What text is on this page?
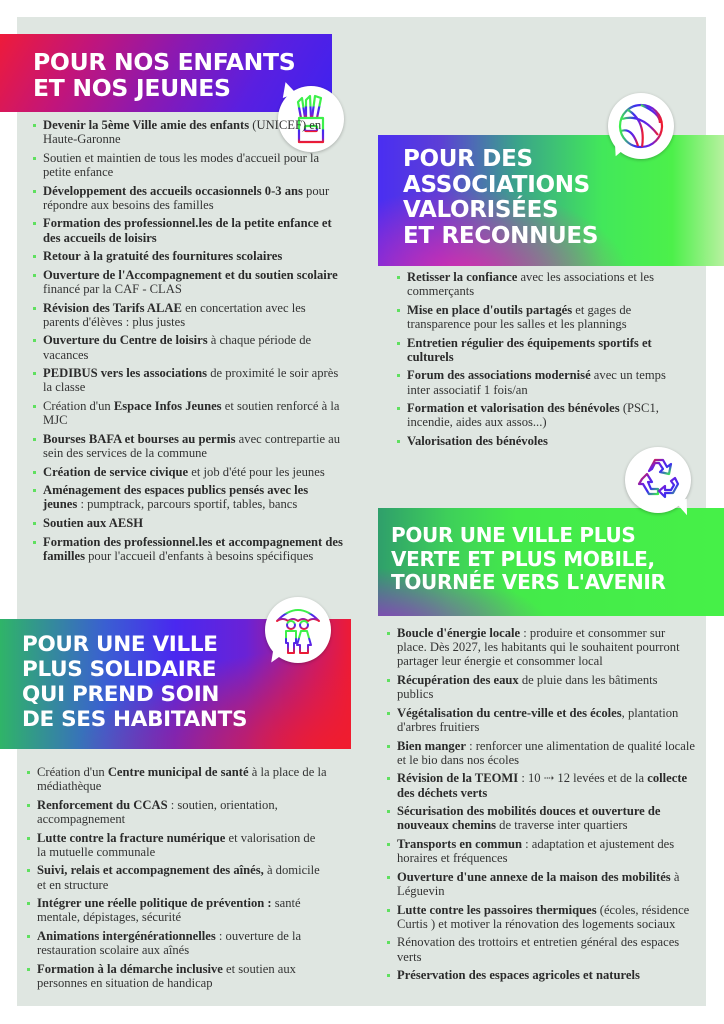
POUR NOS ENFANTS
ET NOS JEUNES
Devenir la 5ème Ville amie des enfants (UNICEF) en Haute-Garonne
Soutien et maintien de tous les modes d'accueil pour la petite enfance
Développement des accueils occasionnels 0-3 ans pour répondre aux besoins des familles
Formation des professionnel.les de la petite enfance et des accueils de loisirs
Retour à la gratuité des fournitures scolaires
Ouverture de l'Accompagnement et du soutien scolaire financé par la CAF - CLAS
Révision des Tarifs ALAE en concertation avec les parents d'élèves : plus justes
Ouverture du Centre de loisirs à chaque période de vacances
PEDIBUS vers les associations de proximité le soir après la classe
Création d'un Espace Infos Jeunes et soutien renforcé à la MJC
Bourses BAFA et bourses au permis avec contrepartie au sein des services de la commune
Création de service civique et job d'été pour les jeunes
Aménagement des espaces publics pensés avec les jeunes : pumptrack, parcours sportif, tables, bancs
Soutien aux AESH
Formation des professionnel.les et accompagnement des familles pour l'accueil d'enfants à besoins spécifiques
POUR DES
ASSOCIATIONS
VALORISÉES
ET RECONNUES
Retisser la confiance avec les associations et les commerçants
Mise en place d'outils partagés et gages de transparence pour les salles et les plannings
Entretien régulier des équipements sportifs et culturels
Forum des associations modernisé avec un temps inter associatif 1 fois/an
Formation et valorisation des bénévoles (PSC1, incendie, aides aux assos...)
Valorisation des bénévoles
POUR UNE VILLE PLUS
VERTE ET PLUS MOBILE,
TOURNÉE VERS L'AVENIR
Boucle d'énergie locale : produire et consommer sur place. Dès 2027, les habitants qui le souhaitent pourront partager leur énergie et consommer local
Récupération des eaux de pluie dans les bâtiments publics
Végétalisation du centre-ville et des écoles, plantation d'arbres fruitiers
Bien manger : renforcer une alimentation de qualité locale et le bio dans nos écoles
Révision de la TEOMI : 10 ⇢ 12 levées et de la collecte des déchets verts
Sécurisation des mobilités douces et ouverture de nouveaux chemins de traverse inter quartiers
Transports en commun : adaptation et ajustement des horaires et fréquences
Ouverture d'une annexe de la maison des mobilités à Léguevin
Lutte contre les passoires thermiques (écoles, résidence Curtis ) et motiver la rénovation des logements sociaux
Rénovation des trottoirs et entretien général des espaces verts
Préservation des espaces agricoles et naturels
POUR UNE VILLE
PLUS SOLIDAIRE
QUI PREND SOIN
DE SES HABITANTS
Création d'un Centre municipal de santé à la place de la médiathèque
Renforcement du CCAS : soutien, orientation, accompagnement
Lutte contre la fracture numérique et valorisation de la mutuelle communale
Suivi, relais et accompagnement des aînés, à domicile et en structure
Intégrer une réelle politique de prévention : santé mentale, dépistages, sécurité
Animations intergénérationnelles : ouverture de la restauration scolaire aux aînés
Formation à la démarche inclusive et soutien aux personnes en situation de handicap
